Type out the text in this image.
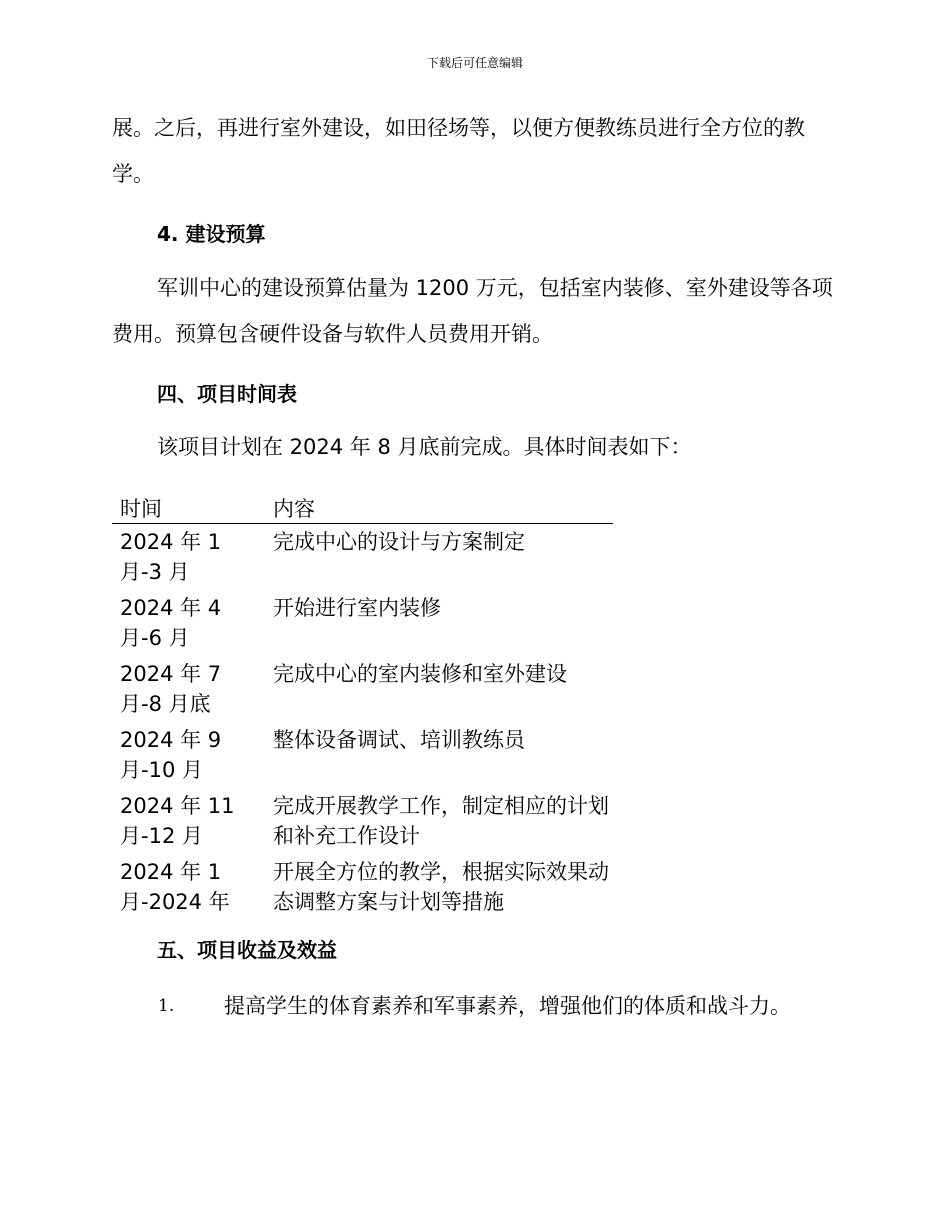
下载后可任意编辑

展。之后，再进行室外建设，如田径场等，以便方便教练员进行全方位的教学。

4. 建设预算

军训中心的建设预算估量为 1200 万元，包括室内装修、室外建设等各项费用。预算包含硬件设备与软件人员费用开销。

四、项目时间表

该项目计划在 2024 年 8 月底前完成。具体时间表如下：

时间	内容
2024 年 1 月-3 月	完成中心的设计与方案制定
2024 年 4 月-6 月	开始进行室内装修
2024 年 7 月-8 月底	完成中心的室内装修和室外建设
2024 年 9 月-10 月	整体设备调试、培训教练员
2024 年 11 月-12 月	完成开展教学工作，制定相应的计划和补充工作设计
2024 年 1 月-2024 年	开展全方位的教学，根据实际效果动态调整方案与计划等措施
五、项目收益及效益
1.	提高学生的体育素养和军事素养，增强他们的体质和战斗力。
